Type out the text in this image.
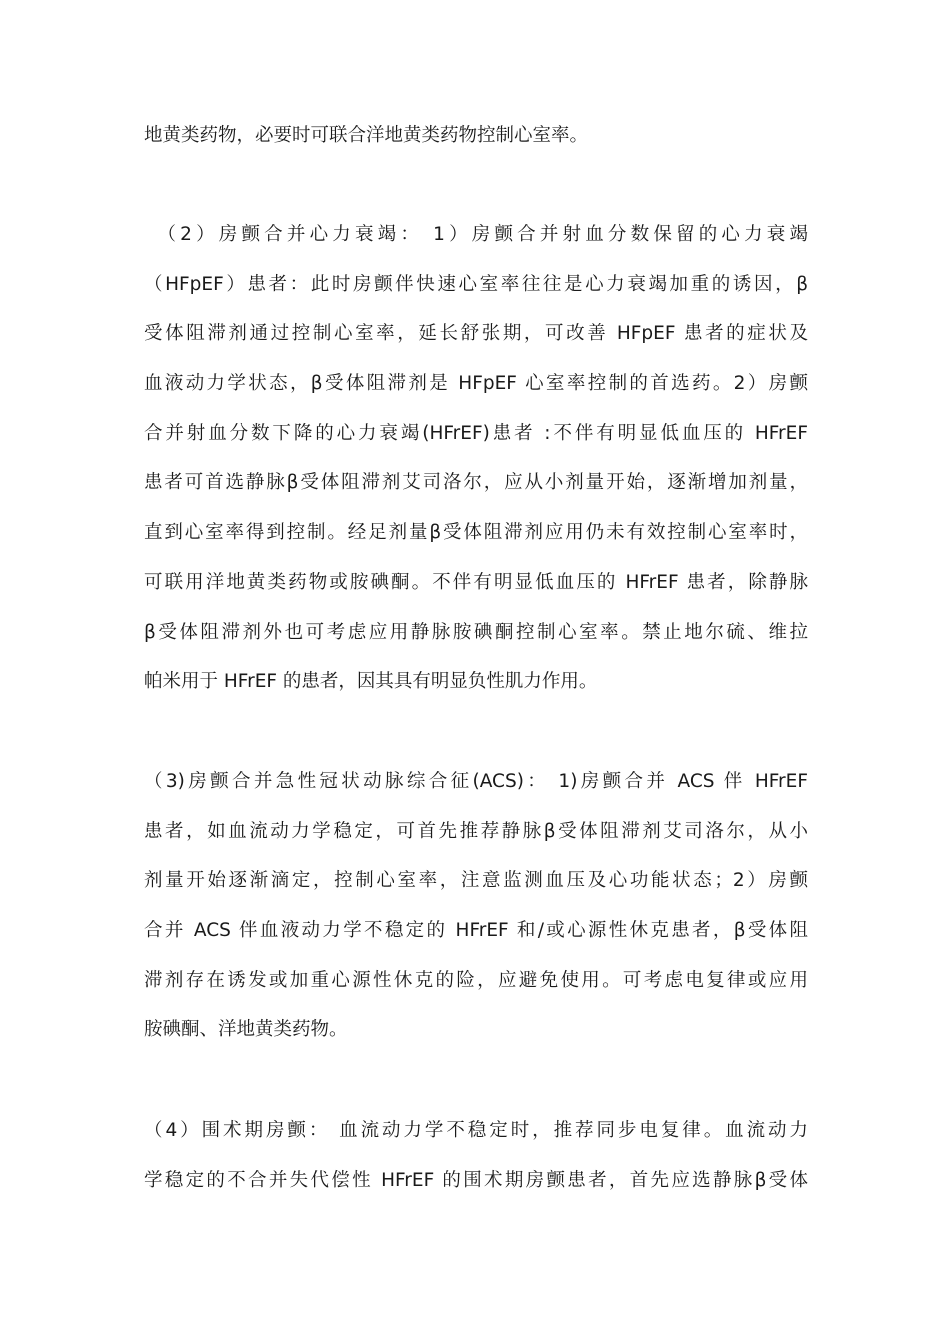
地黄类药物，必要时可联合洋地黄类药物控制心室率。

　（2）房颤合并心力衰竭： 1）房颤合并射血分数保留的心力衰竭
（HFpEF）患者：此时房颤伴快速心室率往往是心力衰竭加重的诱因，β
受体阻滞剂通过控制心室率，延长舒张期，可改善 HFpEF 患者的症状及
血液动力学状态，β受体阻滞剂是 HFpEF 心室率控制的首选药。2）房颤
合并射血分数下降的心力衰竭(HFrEF)患者 :不伴有明显低血压的 HFrEF
患者可首选静脉β受体阻滞剂艾司洛尔，应从小剂量开始，逐渐增加剂量，
直到心室率得到控制。经足剂量β受体阻滞剂应用仍未有效控制心室率时，
可联用洋地黄类药物或胺碘酮。不伴有明显低血压的 HFrEF 患者，除静脉
β受体阻滞剂外也可考虑应用静脉胺碘酮控制心室率。禁止地尔硫、维拉
帕米用于 HFrEF 的患者，因其具有明显负性肌力作用。

（3)房颤合并急性冠状动脉综合征(ACS)： 1)房颤合并 ACS 伴 HFrEF
患者，如血流动力学稳定，可首先推荐静脉β受体阻滞剂艾司洛尔，从小
剂量开始逐渐滴定，控制心室率，注意监测血压及心功能状态；2）房颤
合并 ACS 伴血液动力学不稳定的 HFrEF 和/或心源性休克患者，β受体阻
滞剂存在诱发或加重心源性休克的险，应避免使用。可考虑电复律或应用
胺碘酮、洋地黄类药物。

（4）围术期房颤： 血流动力学不稳定时，推荐同步电复律。血流动力
学稳定的不合并失代偿性 HFrEF 的围术期房颤患者，首先应选静脉β受体
